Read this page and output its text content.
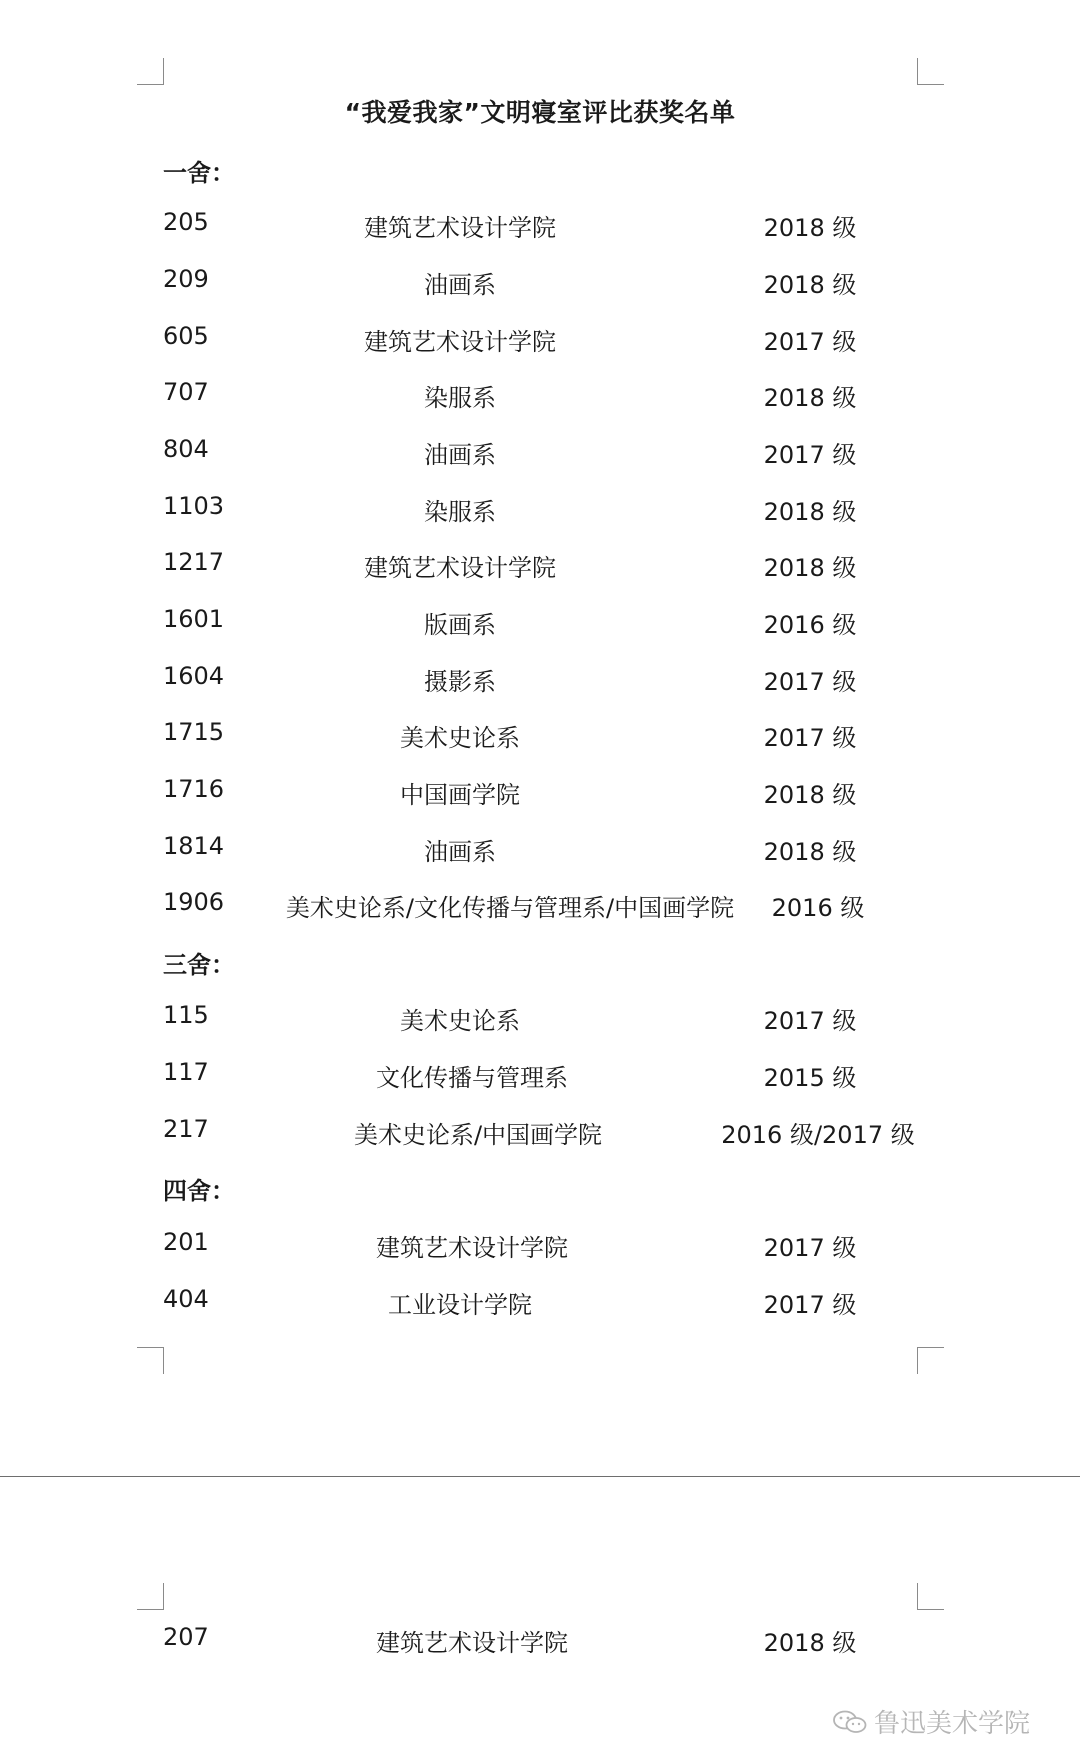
“我爱我家”文明寝室评比获奖名单
一舍：
205	建筑艺术设计学院	2018 级
209	油画系	2018 级
605	建筑艺术设计学院	2017 级
707	染服系	2018 级
804	油画系	2017 级
1103	染服系	2018 级
1217	建筑艺术设计学院	2018 级
1601	版画系	2016 级
1604	摄影系	2017 级
1715	美术史论系	2017 级
1716	中国画学院	2018 级
1814	油画系	2018 级
1906	美术史论系/文化传播与管理系/中国画学院 2016 级
三舍：
115	美术史论系	2017 级
117	文化传播与管理系	2015 级
217	美术史论系/中国画学院	2016 级/2017 级
四舍：
201	建筑艺术设计学院	2017 级
404	工业设计学院	2017 级
207	建筑艺术设计学院	2018 级
鲁迅美术学院
